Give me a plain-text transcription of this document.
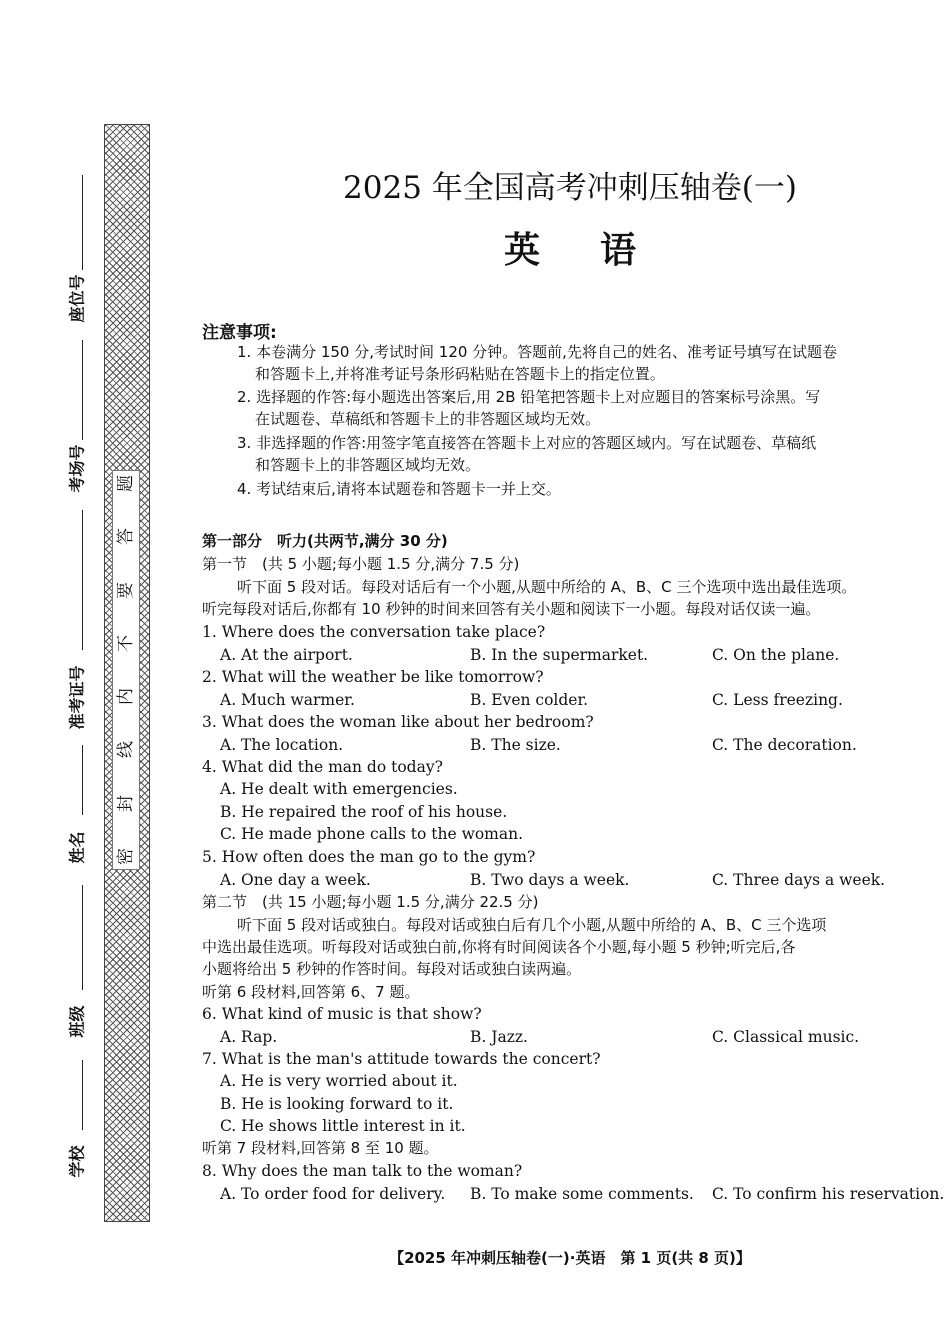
题
答
要
不
内
线
封
密
座位号
考场号
准考证号
姓名
班级
学校
2025 年全国高考冲刺压轴卷(一)
英语
注意事项:
1. 本卷满分 150 分,考试时间 120 分钟。答题前,先将自己的姓名、准考证号填写在试题卷
和答题卡上,并将准考证号条形码粘贴在答题卡上的指定位置。
2. 选择题的作答:每小题选出答案后,用 2B 铅笔把答题卡上对应题目的答案标号涂黑。写
在试题卷、草稿纸和答题卡上的非答题区域均无效。
3. 非选择题的作答:用签字笔直接答在答题卡上对应的答题区域内。写在试题卷、草稿纸
和答题卡上的非答题区域均无效。
4. 考试结束后,请将本试题卷和答题卡一并上交。
第一部分　听力(共两节,满分 30 分)
第一节　(共 5 小题;每小题 1.5 分,满分 7.5 分)
听下面 5 段对话。每段对话后有一个小题,从题中所给的 A、B、C 三个选项中选出最佳选项。
听完每段对话后,你都有 10 秒钟的时间来回答有关小题和阅读下一小题。每段对话仅读一遍。
1. Where does the conversation take place?
A. At the airport.	B. In the supermarket.	C. On the plane.
2. What will the weather be like tomorrow?
A. Much warmer.	B. Even colder.	C. Less freezing.
3. What does the woman like about her bedroom?
A. The location.	B. The size.	C. The decoration.
4. What did the man do today?
A. He dealt with emergencies.
B. He repaired the roof of his house.
C. He made phone calls to the woman.
5. How often does the man go to the gym?
A. One day a week.	B. Two days a week.	C. Three days a week.
第二节　(共 15 小题;每小题 1.5 分,满分 22.5 分)
听下面 5 段对话或独白。每段对话或独白后有几个小题,从题中所给的 A、B、C 三个选项
中选出最佳选项。听每段对话或独白前,你将有时间阅读各个小题,每小题 5 秒钟;听完后,各
小题将给出 5 秒钟的作答时间。每段对话或独白读两遍。
听第 6 段材料,回答第 6、7 题。
6. What kind of music is that show?
A. Rap.	B. Jazz.	C. Classical music.
7. What is the man's attitude towards the concert?
A. He is very worried about it.
B. He is looking forward to it.
C. He shows little interest in it.
听第 7 段材料,回答第 8 至 10 题。
8. Why does the man talk to the woman?
A. To order food for delivery. B. To make some comments. C. To confirm his reservation.
【2025 年冲刺压轴卷(一)·英语　第 1 页(共 8 页)】
